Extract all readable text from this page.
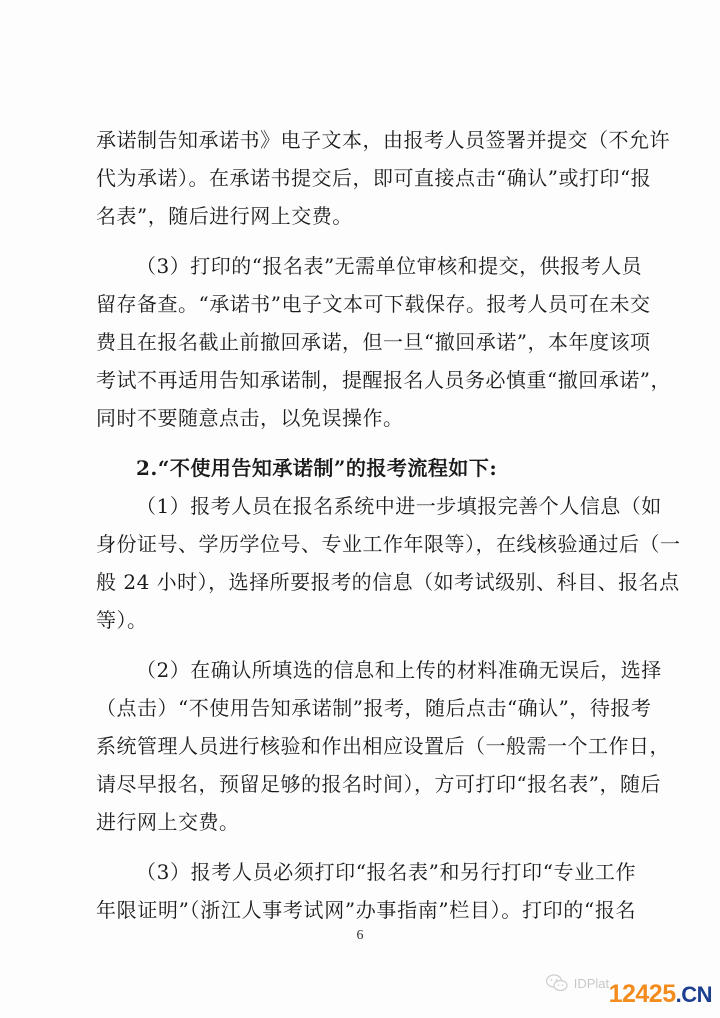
承诺制告知承诺书》电子文本，由报考人员签署并提交（不允许
代为承诺）。在承诺书提交后，即可直接点击“确认”或打印“报
名表”，随后进行网上交费。
（3）打印的“报名表”无需单位审核和提交，供报考人员
留存备查。“承诺书”电子文本可下载保存。报考人员可在未交
费且在报名截止前撤回承诺，但一旦“撤回承诺”，本年度该项
考试不再适用告知承诺制，提醒报名人员务必慎重“撤回承诺”，
同时不要随意点击，以免误操作。
2.“不使用告知承诺制”的报考流程如下:
（1）报考人员在报名系统中进一步填报完善个人信息（如
身份证号、学历学位号、专业工作年限等），在线核验通过后（一
般 24 小时），选择所要报考的信息（如考试级别、科目、报名点
等）。
（2）在确认所填选的信息和上传的材料准确无误后，选择
（点击）“不使用告知承诺制”报考，随后点击“确认”，待报考
系统管理人员进行核验和作出相应设置后（一般需一个工作日，
请尽早报名，预留足够的报名时间），方可打印“报名表”，随后
进行网上交费。
（3）报考人员必须打印“报名表”和另行打印“专业工作
年限证明”（浙江人事考试网”办事指南”栏目）。打印的“报名
6
IDPlat...
12425 .CN
